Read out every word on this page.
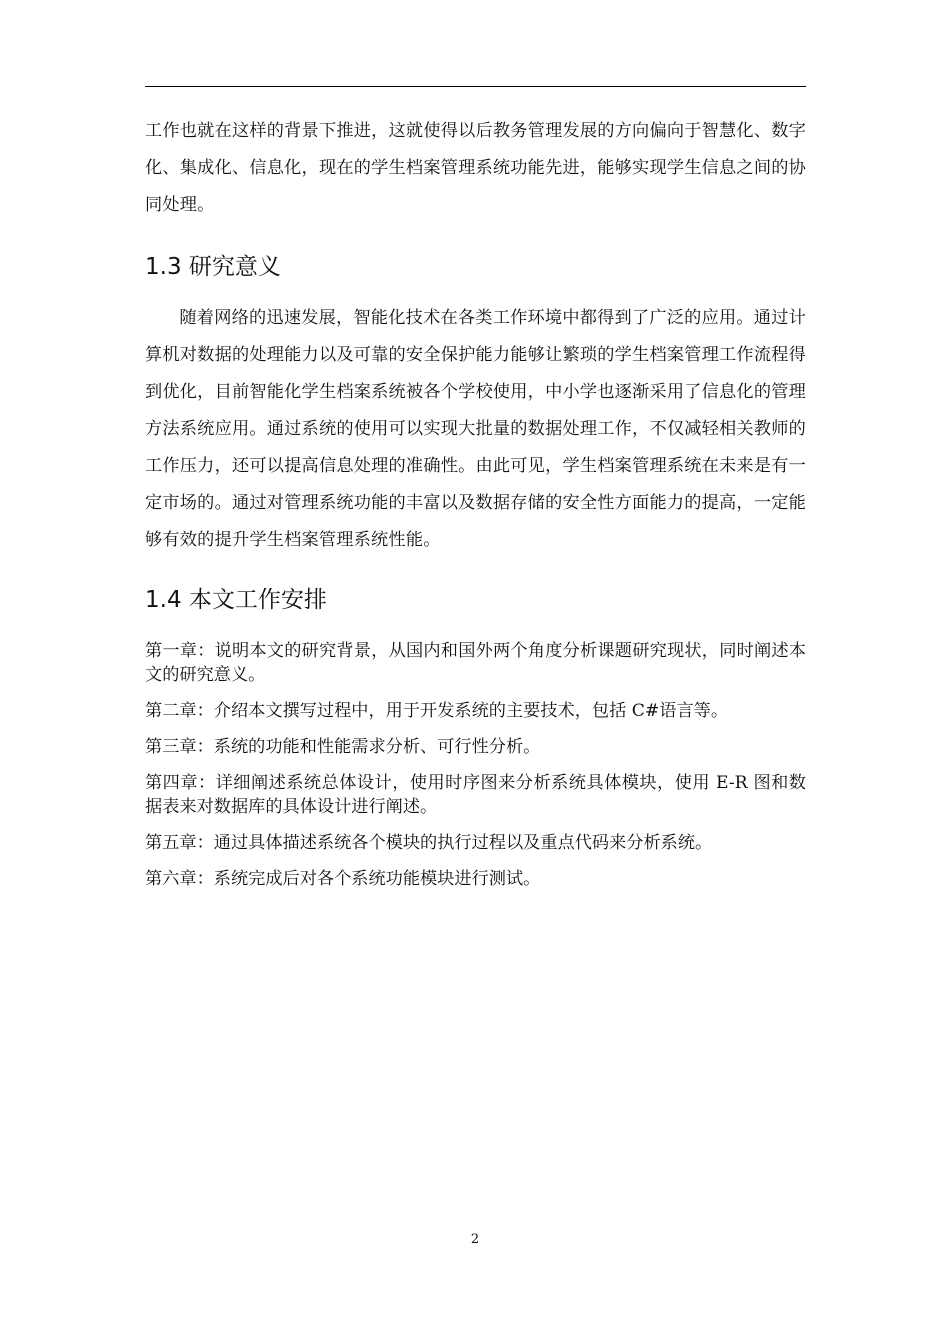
工作也就在这样的背景下推进，这就使得以后教务管理发展的方向偏向于智慧化、数字化、集成化、信息化，现在的学生档案管理系统功能先进，能够实现学生信息之间的协同处理。

1.3 研究意义

随着网络的迅速发展，智能化技术在各类工作环境中都得到了广泛的应用。通过计算机对数据的处理能力以及可靠的安全保护能力能够让繁琐的学生档案管理工作流程得到优化，目前智能化学生档案系统被各个学校使用，中小学也逐渐采用了信息化的管理方法系统应用。通过系统的使用可以实现大批量的数据处理工作，不仅减轻相关教师的工作压力，还可以提高信息处理的准确性。由此可见，学生档案管理系统在未来是有一定市场的。通过对管理系统功能的丰富以及数据存储的安全性方面能力的提高，一定能够有效的提升学生档案管理系统性能。

1.4 本文工作安排
第一章：说明本文的研究背景，从国内和国外两个角度分析课题研究现状，同时阐述本文的研究意义。
第二章：介绍本文撰写过程中，用于开发系统的主要技术，包括 C#语言等。
第三章：系统的功能和性能需求分析、可行性分析。
第四章：详细阐述系统总体设计，使用时序图来分析系统具体模块，使用 E-R 图和数据表来对数据库的具体设计进行阐述。
第五章：通过具体描述系统各个模块的执行过程以及重点代码来分析系统。
第六章：系统完成后对各个系统功能模块进行测试。
2
